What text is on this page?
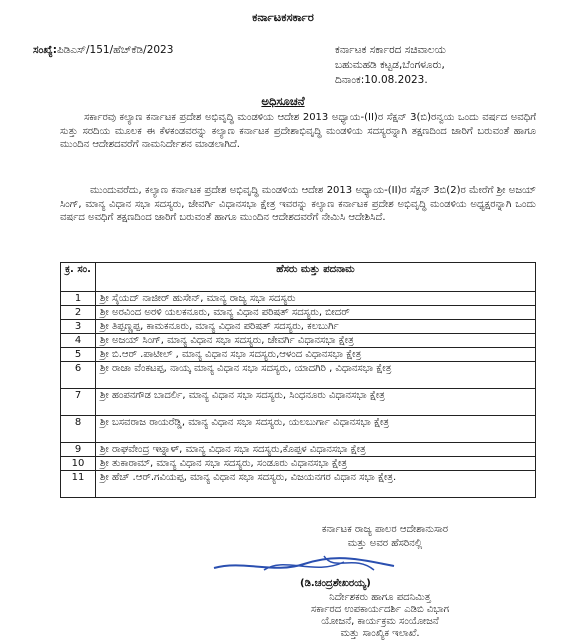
ಕರ್ನಾಟಕಸರ್ಕಾರ
ಸಂಖ್ಯೆ:ಪಿಡಿಎಸ್/151/ಹೆಚ್‌ಕೆಡಿ/2023	ಕರ್ನಾಟಕ ಸರ್ಕಾರದ ಸಚಿವಾಲಯ
ಬಹುಮಹಡಿ ಕಟ್ಟಡ,ಬೆಂಗಳೂರು,
ದಿನಾಂಕ:10.08.2023.
ಅಧಿಸೂಚನೆ
ಸರ್ಕಾರವು ಕಲ್ಯಾಣ ಕರ್ನಾಟಕ ಪ್ರದೇಶ ಅಭಿವೃದ್ಧಿ ಮಂಡಳಿಯ ಆದೇಶ 2013 ಅಧ್ಯಾಯ-(II)ರ ಸೆಕ್ಷನ್ 3(ಬಿ)ರನ್ವಯ ಒಂದು ವರ್ಷದ ಅವಧಿಗೆ ಸುತ್ತು ಸರದಿಯ ಮೂಲಕ ಈ ಕೆಳಕಂಡವರನ್ನು ಕಲ್ಯಾಣ ಕರ್ನಾಟಕ ಪ್ರದೇಶಾಭಿವೃದ್ಧಿ ಮಂಡಳಿಯ ಸದಸ್ಯರನ್ನಾಗಿ ತಕ್ಷಣದಿಂದ ಜಾರಿಗೆ ಬರುವಂತೆ ಹಾಗೂ ಮುಂದಿನ ಆದೇಶದವರೆಗೆ ನಾಮನಿರ್ದೇಶನ ಮಾಡಲಾಗಿದೆ.
ಮುಂದುವರೆದು, ಕಲ್ಯಾಣ ಕರ್ನಾಟಕ ಪ್ರದೇಶ ಅಭಿವೃದ್ಧಿ ಮಂಡಳಿಯ ಆದೇಶ 2013 ಅಧ್ಯಾಯ-(II)ರ ಸೆಕ್ಷನ್ 3ಬಿ(2)ರ ಮೇರೆಗೆ ಶ್ರೀ ಅಜಯ್ ಸಿಂಗ್, ಮಾನ್ಯ ವಿಧಾನ ಸಭಾ ಸದಸ್ಯರು, ಜೇವರ್ಗಿ ವಿಧಾನಸಭಾ ಕ್ಷೇತ್ರ ಇವರನ್ನು ಕಲ್ಯಾಣ ಕರ್ನಾಟಕ ಪ್ರದೇಶ ಅಭಿವೃದ್ಧಿ ಮಂಡಳಿಯ ಅಧ್ಯಕ್ಷರನ್ನಾಗಿ ಒಂದು ವರ್ಷದ ಅವಧಿಗೆ ತಕ್ಷಣದಿಂದ ಜಾರಿಗೆ ಬರುವಂತೆ ಹಾಗೂ ಮುಂದಿನ ಆದೇಶದವರೆಗೆ ನೇಮಿಸಿ ಆದೇಶಿಸಿದೆ.
ಕ್ರ. ಸಂ.	ಹೆಸರು ಮತ್ತು ಪದನಾಮ
1	ಶ್ರೀ ಸೈಯದ್ ನಾಜೀರ್ ಹುಸೇನ್, ಮಾನ್ಯ ರಾಜ್ಯ ಸಭಾ ಸದಸ್ಯರು
2	ಶ್ರೀ ಅರವಿಂದ ಅರಳಿ ಯಲಕನೂರು, ಮಾನ್ಯ ವಿಧಾನ ಪರಿಷತ್ ಸದಸ್ಯರು, ಬೀದರ್
3	ಶ್ರೀ ತಿಪ್ಪಣ್ಣಪ್ಪ, ಕಾಮಕನೂರು, ಮಾನ್ಯ ವಿಧಾನ ಪರಿಷತ್ ಸದಸ್ಯರು, ಕಲಬುರ್ಗಿ
4	ಶ್ರೀ ಅಜಯ್ ಸಿಂಗ್, ಮಾನ್ಯ ವಿಧಾನ ಸಭಾ ಸದಸ್ಯರು, ಜೇವರ್ಗಿ ವಿಧಾನಸಭಾ ಕ್ಷೇತ್ರ
5	ಶ್ರೀ ಬಿ.ಆರ್ .ಪಾಟೀಲ್ , ಮಾನ್ಯ ವಿಧಾನ ಸಭಾ ಸದಸ್ಯರು,ಆಳಂದ ವಿಧಾನಸಭಾ ಕ್ಷೇತ್ರ
6	ಶ್ರೀ ರಾಜಾ ವೆಂಕಟಪ್ಪ, ನಾಯ್ಕ ಮಾನ್ಯ ವಿಧಾನ ಸಭಾ ಸದಸ್ಯರು, ಯಾದಗಿರಿ , ವಿಧಾನಸಭಾ ಕ್ಷೇತ್ರ
7	ಶ್ರೀ ಹಂಪನಗೌಡ ಬಾದರ್ಲಿ, ಮಾನ್ಯ ವಿಧಾನ ಸಭಾ ಸದಸ್ಯರು, ಸಿಂಧನೂರು ವಿಧಾನಸಭಾ ಕ್ಷೇತ್ರ
8	ಶ್ರೀ ಬಸವರಾಜ ರಾಯರೆಡ್ಡಿ, ಮಾನ್ಯ ವಿಧಾನ ಸಭಾ ಸದಸ್ಯರು, ಯಲಬುರ್ಗಾ ವಿಧಾನಸಭಾ ಕ್ಷೇತ್ರ
9	ಶ್ರೀ ರಾಘವೇಂದ್ರ ಇಟ್ನಾಳ್, ಮಾನ್ಯ ವಿಧಾನ ಸಭಾ ಸದಸ್ಯರು,ಕೊಪ್ಪಳ ವಿಧಾನಸಭಾ ಕ್ಷೇತ್ರ
10	ಶ್ರೀ ತುಕಾರಾಮ್, ಮಾನ್ಯ ವಿಧಾನ ಸಭಾ ಸದಸ್ಯರು, ಸಂಡೂರು ವಿಧಾನಸಭಾ ಕ್ಷೇತ್ರ
11	ಶ್ರೀ ಹೆಚ್ .ಆರ್.ಗವಿಯಪ್ಪ, ಮಾನ್ಯ ವಿಧಾನ ಸಭಾ ಸದಸ್ಯರು, ವಿಜಯನಗರ ವಿಧಾನ ಸಭಾ ಕ್ಷೇತ್ರ.
ಕರ್ನಾಟಕ ರಾಜ್ಯ ಪಾಲರ ಆದೇಶಾನುಸಾರ
ಮತ್ತು ಅವರ ಹೆಸರಿನಲ್ಲಿ
(ಡಿ.ಚಂದ್ರಶೇಖರಯ್ಯ)
ನಿರ್ದೇಶಕರು ಹಾಗೂ ಪದನಿಮಿತ್ತ
ಸರ್ಕಾರದ ಉಪಕಾರ್ಯದರ್ಶಿ ಎಡಿಬಿ ವಿಭಾಗ
ಯೋಜನೆ, ಕಾರ್ಯಕ್ರಮ ಸಂಯೋಜನೆ
ಮತ್ತು ಸಾಂಖ್ಯಿಕ ಇಲಾಖೆ.
